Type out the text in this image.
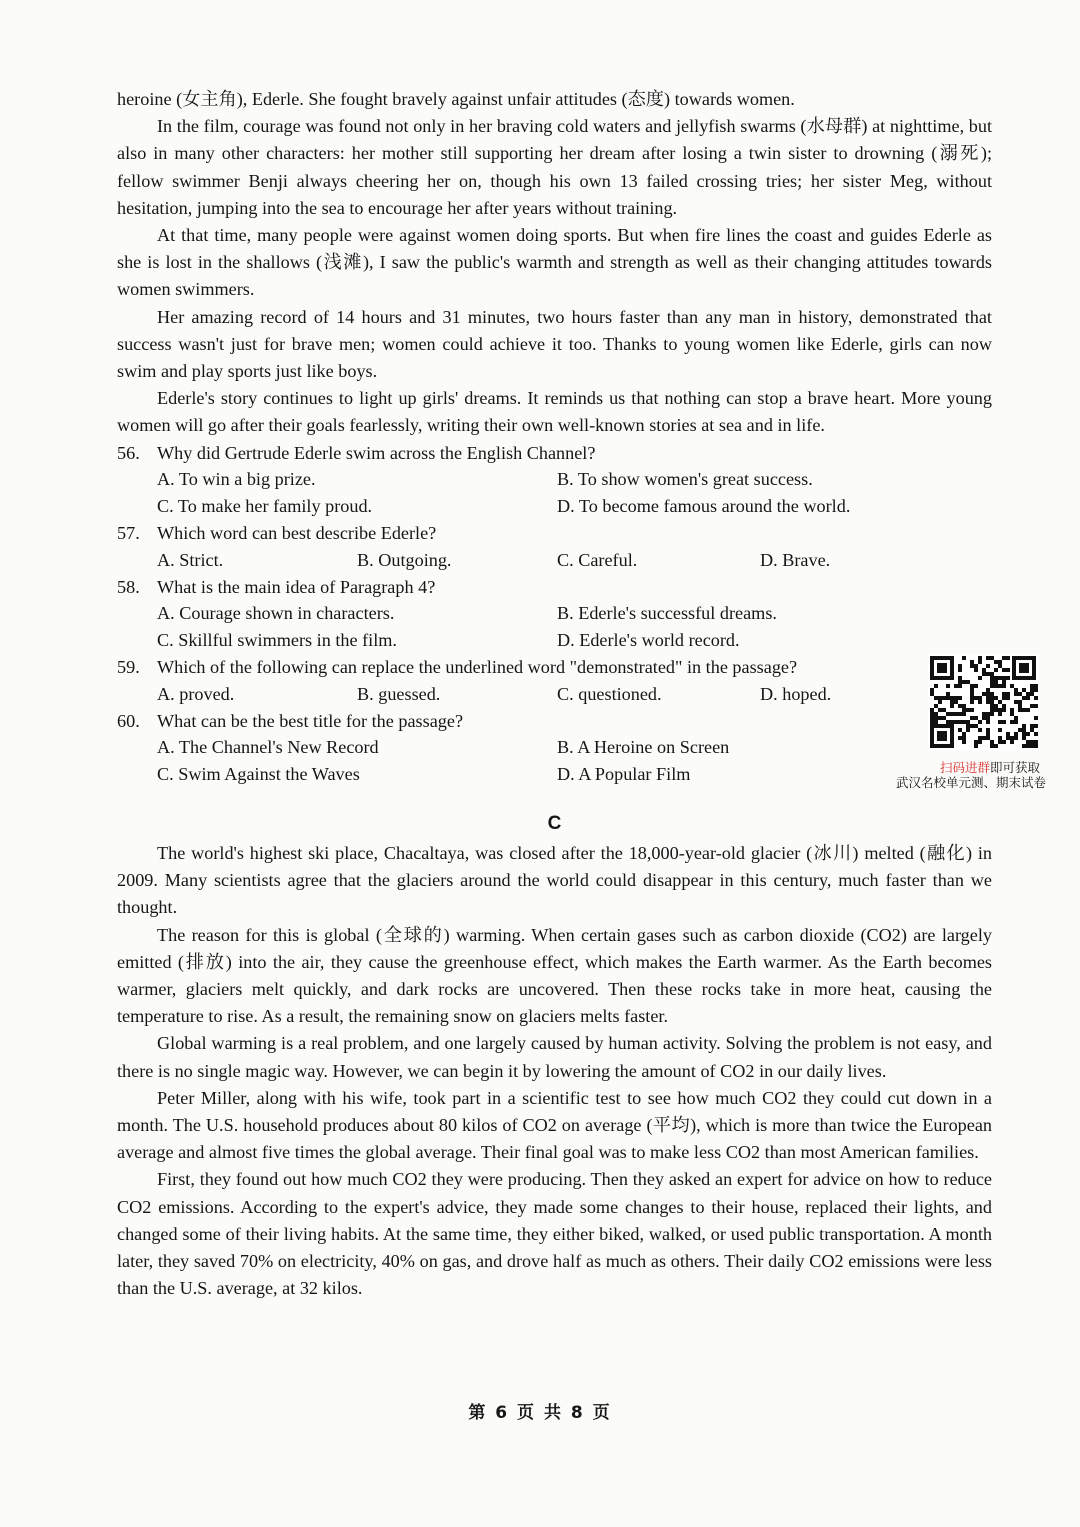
heroine (女主角), Ederle. She fought bravely against unfair attitudes (态度) towards women.

In the film, courage was found not only in her braving cold waters and jellyfish swarms (水母群) at nighttime, but also in many other characters: her mother still supporting her dream after losing a twin sister to drowning (溺死); fellow swimmer Benji always cheering her on, though his own 13 failed crossing tries; her sister Meg, without hesitation, jumping into the sea to encourage her after years without training.

At that time, many people were against women doing sports. But when fire lines the coast and guides Ederle as she is lost in the shallows (浅滩), I saw the public's warmth and strength as well as their changing attitudes towards women swimmers.

Her amazing record of 14 hours and 31 minutes, two hours faster than any man in history, demonstrated that success wasn't just for brave men; women could achieve it too. Thanks to young women like Ederle, girls can now swim and play sports just like boys.

Ederle's story continues to light up girls' dreams. It reminds us that nothing can stop a brave heart. More young women will go after their goals fearlessly, writing their own well-known stories at sea and in life.

56. Why did Gertrude Ederle swim across the English Channel?
A. To win a big prize.	B. To show women's great success.
C. To make her family proud.	D. To become famous around the world.
57. Which word can best describe Ederle?
A. Strict.	B. Outgoing.	C. Careful.	D. Brave.
58. What is the main idea of Paragraph 4?
A. Courage shown in characters.	B. Ederle's successful dreams.
C. Skillful swimmers in the film.	D. Ederle's world record.
59. Which of the following can replace the underlined word "demonstrated" in the passage?
A. proved.	B. guessed.	C. questioned.	D. hoped.
60. What can be the best title for the passage?
A. The Channel's New Record	B. A Heroine on Screen
C. Swim Against the Waves	D. A Popular Film
C

The world's highest ski place, Chacaltaya, was closed after the 18,000-year-old glacier (冰川) melted (融化) in 2009. Many scientists agree that the glaciers around the world could disappear in this century, much faster than we thought.

The reason for this is global (全球的) warming. When certain gases such as carbon dioxide (CO2) are largely emitted (排放) into the air, they cause the greenhouse effect, which makes the Earth warmer. As the Earth becomes warmer, glaciers melt quickly, and dark rocks are uncovered. Then these rocks take in more heat, causing the temperature to rise. As a result, the remaining snow on glaciers melts faster.

Global warming is a real problem, and one largely caused by human activity. Solving the problem is not easy, and there is no single magic way. However, we can begin it by lowering the amount of CO2 in our daily lives.

Peter Miller, along with his wife, took part in a scientific test to see how much CO2 they could cut down in a month. The U.S. household produces about 80 kilos of CO2 on average (平均), which is more than twice the European average and almost five times the global average. Their final goal was to make less CO2 than most American families.

First, they found out how much CO2 they were producing. Then they asked an expert for advice on how to reduce CO2 emissions. According to the expert's advice, they made some changes to their house, replaced their lights, and changed some of their living habits. At the same time, they either biked, walked, or used public transportation. A month later, they saved 70% on electricity, 40% on gas, and drove half as much as others. Their daily CO2 emissions were less than the U.S. average, at 32 kilos.

扫码进群即可获取
武汉名校单元测、期末试卷
第 6 页 共 8 页
